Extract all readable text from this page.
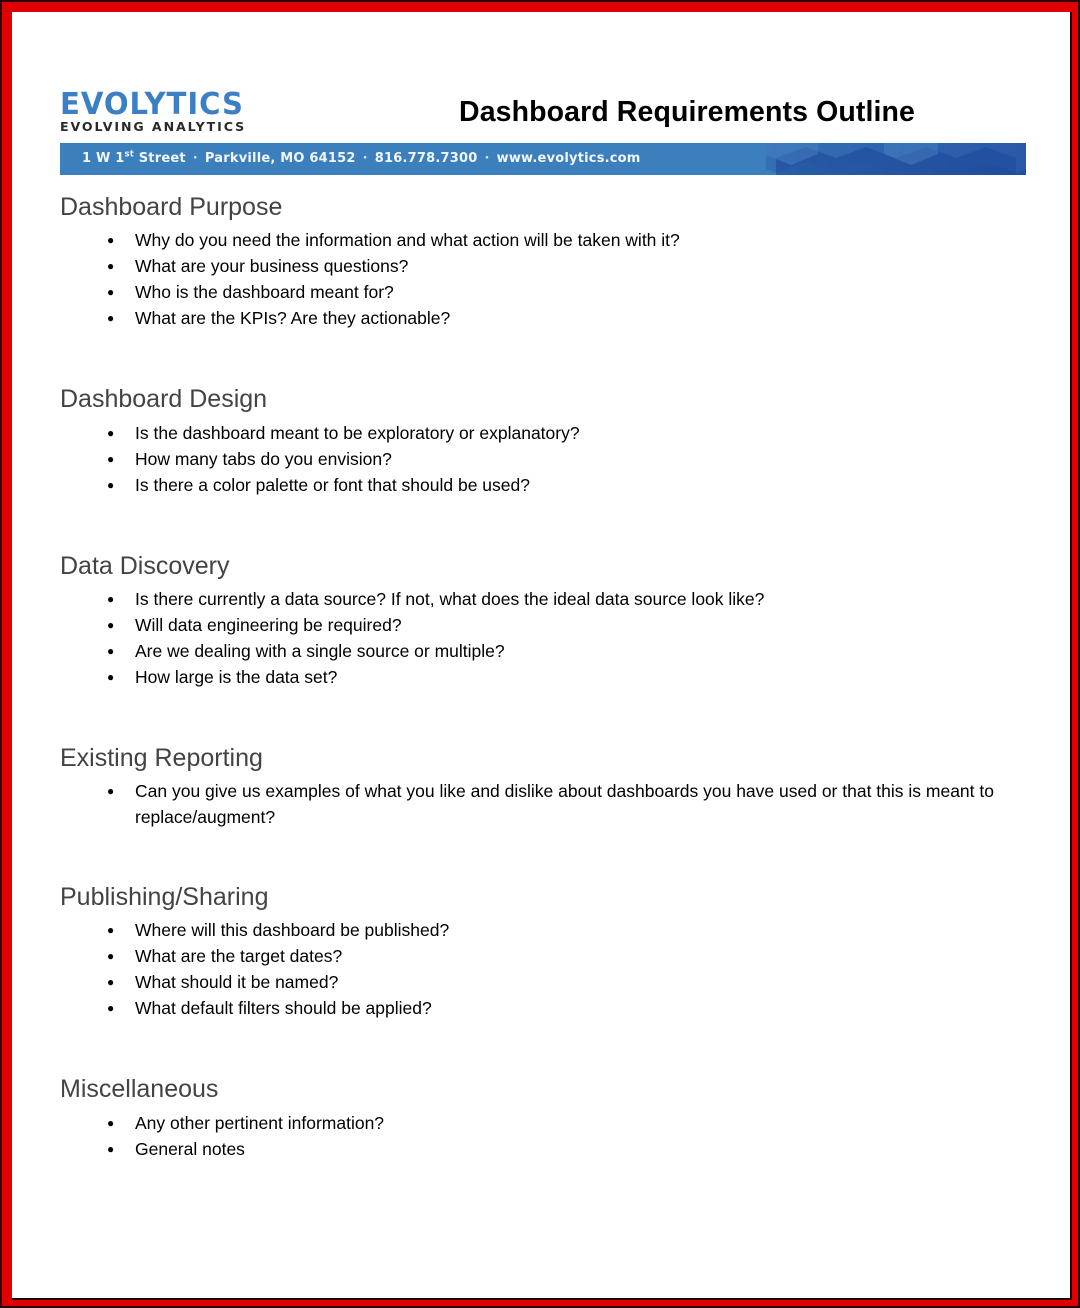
EVOLYTICS
EVOLVING ANALYTICS	Dashboard Requirements Outline
1 W 1st Street · Parkville, MO 64152 · 816.778.7300 · www.evolytics.com
Dashboard Purpose
● Why do you need the information and what action will be taken with it?
● What are your business questions?
● Who is the dashboard meant for?
● What are the KPIs? Are they actionable?
Dashboard Design
● Is the dashboard meant to be exploratory or explanatory?
● How many tabs do you envision?
● Is there a color palette or font that should be used?
Data Discovery
● Is there currently a data source? If not, what does the ideal data source look like?
● Will data engineering be required?
● Are we dealing with a single source or multiple?
● How large is the data set?
Existing Reporting
● Can you give us examples of what you like and dislike about dashboards you have used or that this is meant to replace/augment?
Publishing/Sharing
● Where will this dashboard be published?
● What are the target dates?
● What should it be named?
● What default filters should be applied?
Miscellaneous
● Any other pertinent information?
● General notes
